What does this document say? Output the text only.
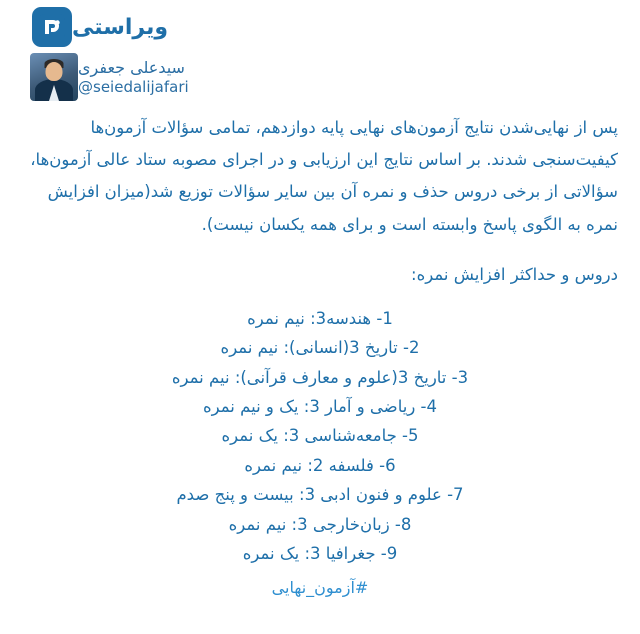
ویراستی
سیدعلی جعفری
@seiedalijafari

پس از نهایی‌شدن نتایج آزمون‌های نهایی پایه دوازدهم، تمامی سؤالات آزمون‌ها کیفیت‌سنجی شدند. بر اساس نتایج این ارزیابی و در اجرای مصوبه ستاد عالی آزمون‌ها، سؤالاتی از برخی دروس حذف و نمره آن بین سایر سؤالات توزیع شد(میزان افزایش نمره به الگوی پاسخ وابسته است و برای همه یکسان نیست).

دروس و حداکثر افزایش نمره:

1- هندسه3: نیم نمره
2- تاریخ 3(انسانی): نیم نمره
3- تاریخ 3(علوم و معارف قرآنی): نیم نمره
4- ریاضی و آمار 3: یک و نیم نمره
5- جامعه‌شناسی 3: یک نمره
6- فلسفه 2: نیم نمره
7- علوم و فنون ادبی 3: بیست و پنج صدم
8- زبان‌خارجی 3: نیم نمره
9- جغرافیا 3: یک نمره
#آزمون_نهایی
